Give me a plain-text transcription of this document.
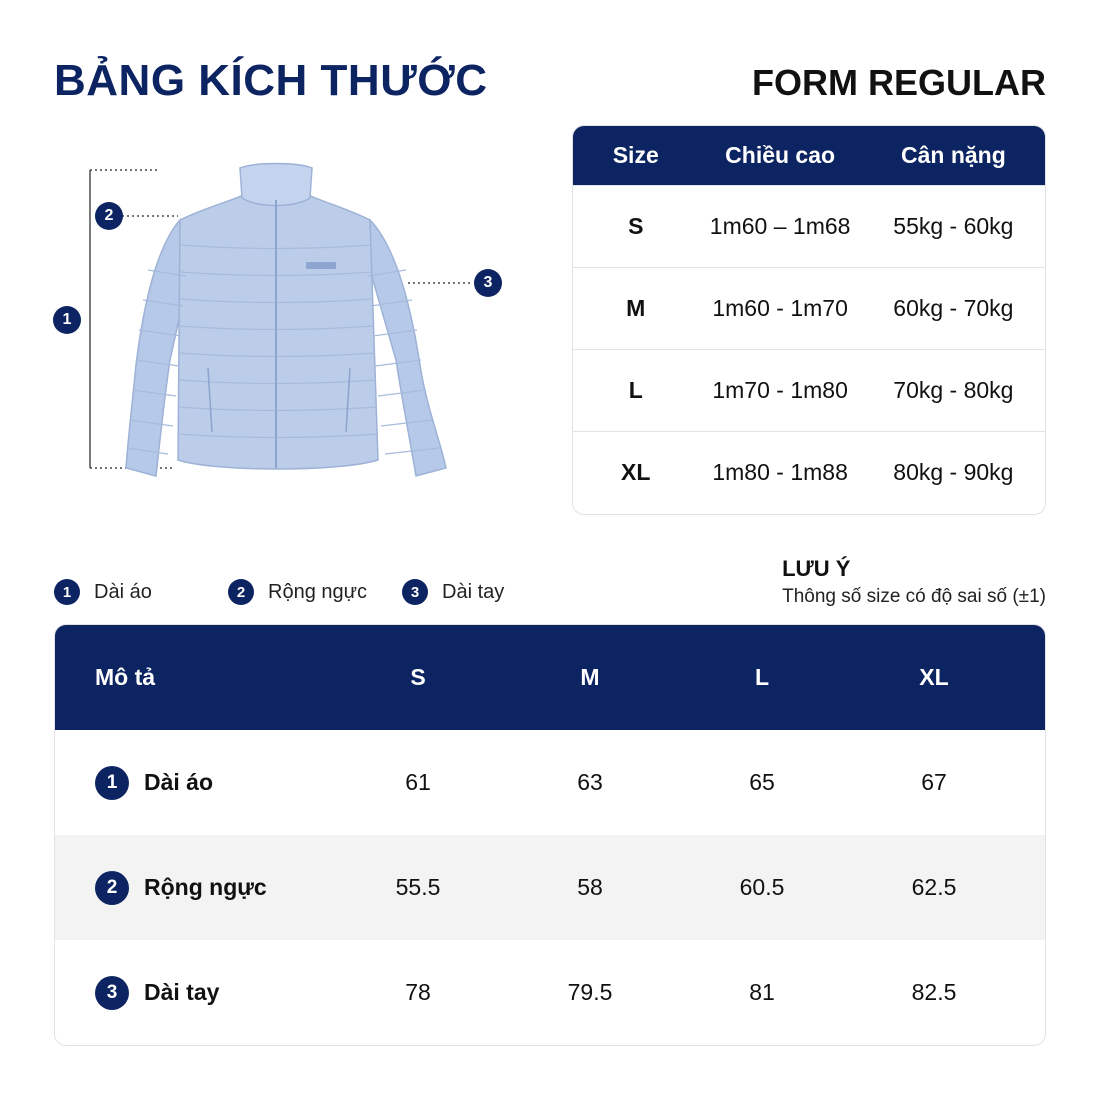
BẢNG KÍCH THƯỚC	FORM REGULAR
1
2
3
Size	Chiều cao	Cân nặng
S	1m60 – 1m68	55kg - 60kg
M	1m60 - 1m70	60kg - 70kg
L	1m70 - 1m80	70kg - 80kg
XL	1m80 - 1m88	80kg - 90kg
1	Dài áo	2	Rộng ngực	3	Dài tay
LƯU Ý
Thông số size có độ sai số (±1)
Mô tả	S	M	L	XL
1	Dài áo	61	63	65	67
2	Rộng ngực	55.5	58	60.5	62.5
3	Dài tay	78	79.5	81	82.5
